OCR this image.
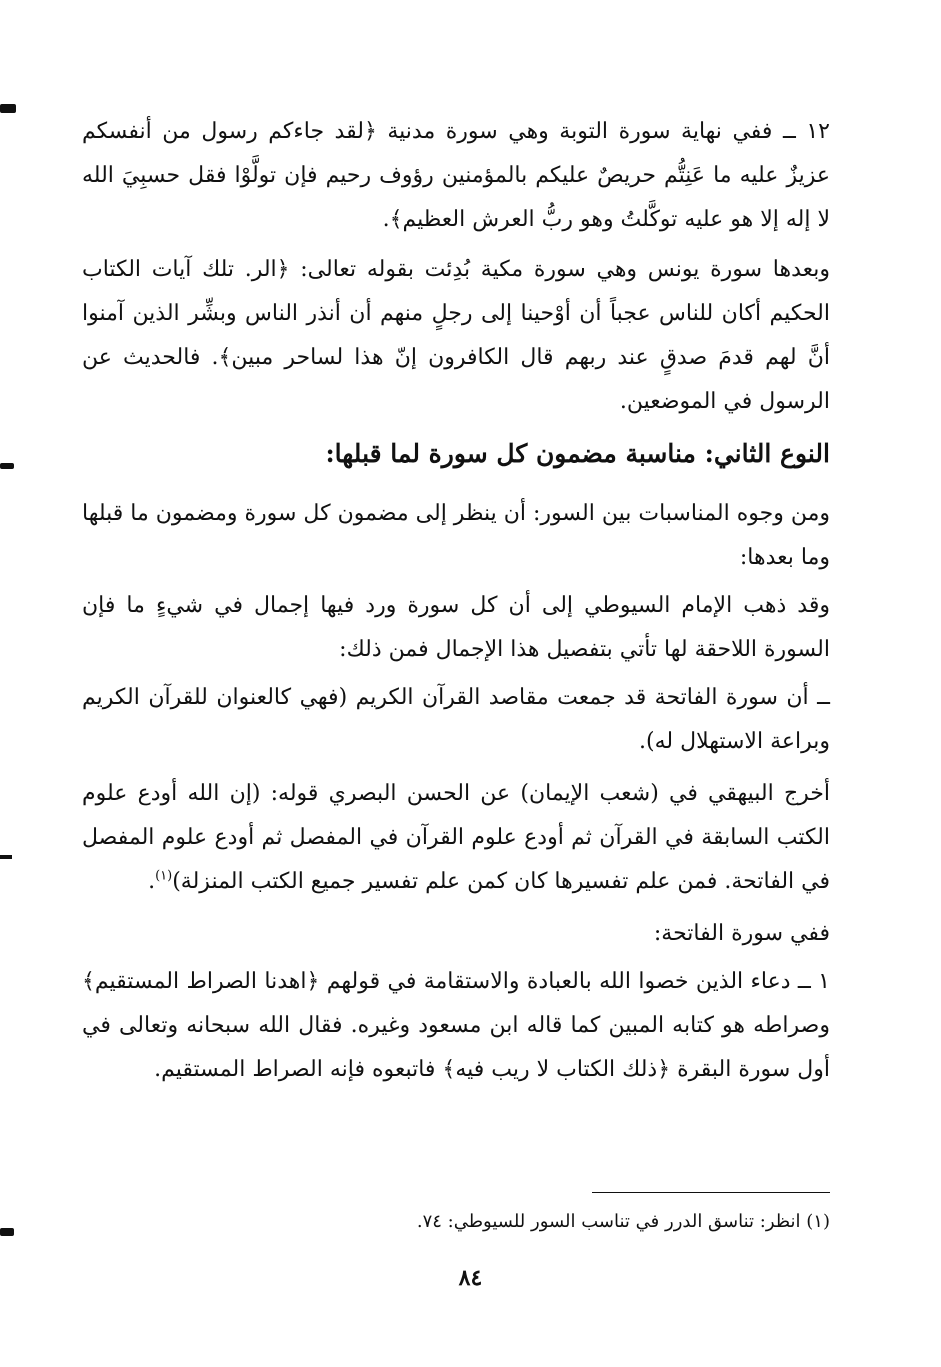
١٢ ــ ففي نهاية سورة التوبة وهي سورة مدنية ﴿لقد جاءكم رسول من أنفسكم عزيزٌ عليه ما عَنِتُّم حريصٌ عليكم بالمؤمنين رؤوف رحيم فإن تولَّوْا فقل حسبِيَ الله لا إله إلا هو عليه توكَّلتُ وهو ربُّ العرش العظيم﴾.

وبعدها سورة يونس وهي سورة مكية بُدِئت بقوله تعالى: ﴿الر. تلك آيات الكتاب الحكيم أكان للناس عجباً أن أوْحينا إلى رجلٍ منهم أن أنذر الناس وبشِّر الذين آمنوا أنَّ لهم قدمَ صدقٍ عند ربهم قال الكافرون إنّ هذا لساحر مبين﴾. فالحديث عن الرسول في الموضعين.

النوع الثاني: مناسبة مضمون كل سورة لما قبلها:

ومن وجوه المناسبات بين السور: أن ينظر إلى مضمون كل سورة ومضمون ما قبلها وما بعدها:

وقد ذهب الإمام السيوطي إلى أن كل سورة ورد فيها إجمال في شيءٍ ما فإن السورة اللاحقة لها تأتي بتفصيل هذا الإجمال فمن ذلك:

ــ أن سورة الفاتحة قد جمعت مقاصد القرآن الكريم (فهي كالعنوان للقرآن الكريم وبراعة الاستهلال له).

أخرج البيهقي في (شعب الإيمان) عن الحسن البصري قوله: (إن الله أودع علوم الكتب السابقة في القرآن ثم أودع علوم القرآن في المفصل ثم أودع علوم المفصل في الفاتحة. فمن علم تفسيرها كان كمن علم تفسير جميع الكتب المنزلة)$^{(١)}$.

ففي سورة الفاتحة:

١ ــ دعاء الذين خصوا الله بالعبادة والاستقامة في قولهم ﴿اهدنا الصراط المستقيم﴾ وصراطه هو كتابه المبين كما قاله ابن مسعود وغيره. فقال الله سبحانه وتعالى في أول سورة البقرة ﴿ذلك الكتاب لا ريب فيه﴾ فاتبعوه فإنه الصراط المستقيم.

(١) انظر: تناسق الدرر في تناسب السور للسيوطي: ٧٤.
٨٤
